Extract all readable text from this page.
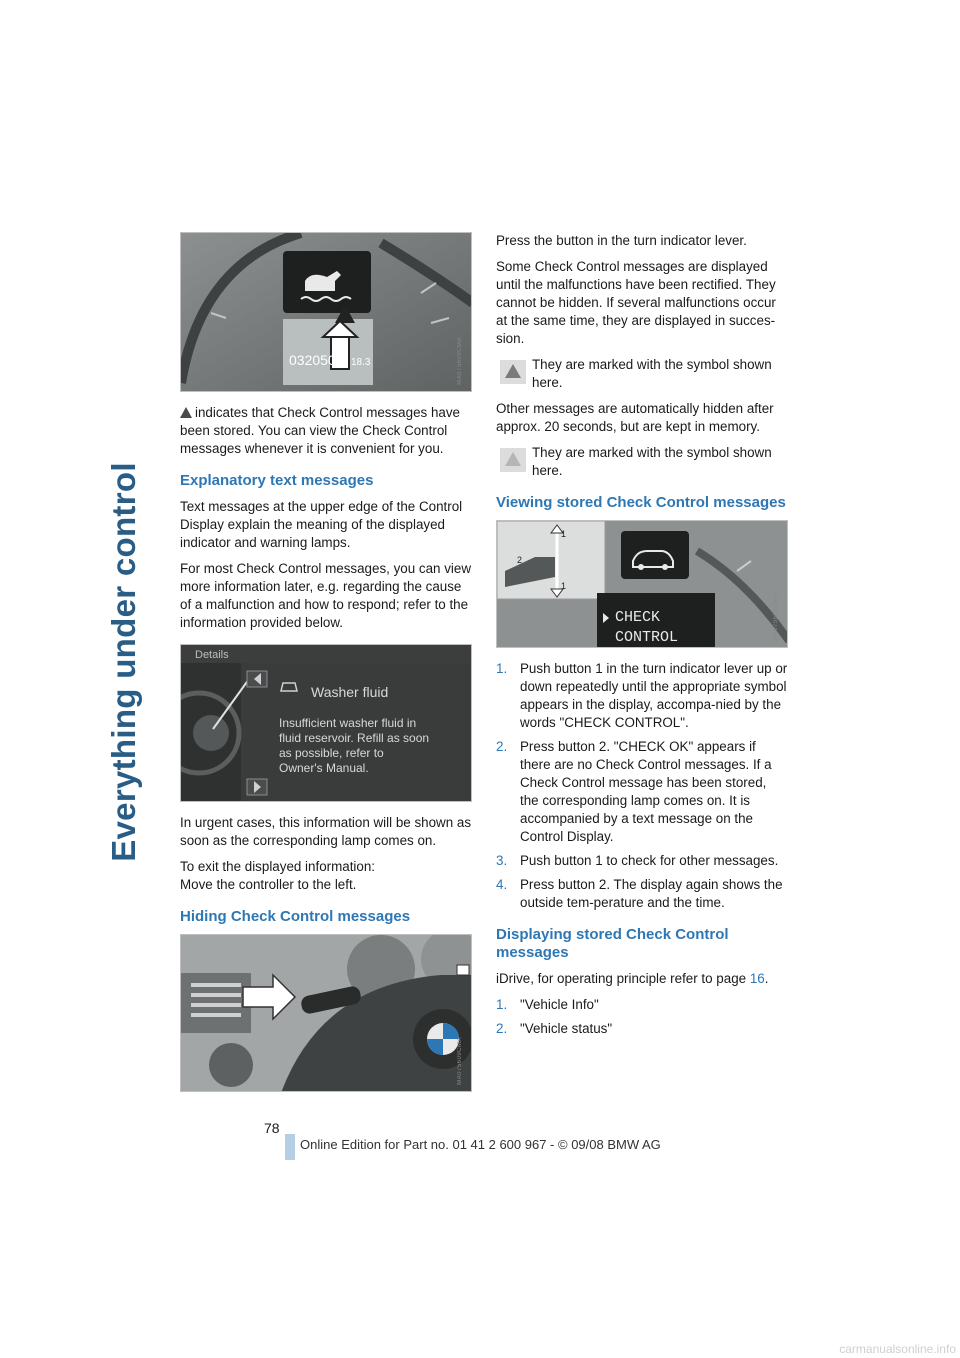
Everything under control
032050 18.3	MA075609CMA

indicates that Check Control messages have been stored. You can view the Check Control messages whenever it is convenient for you.

Explanatory text messages

Text messages at the upper edge of the Control Display explain the meaning of the displayed indicator and warning lamps.

For most Check Control messages, you can view more information later, e.g. regarding the cause of a malfunction and how to respond; refer to the information provided below.

Details
Washer fluid
Insufficient washer fluid in
fluid reservoir. Refill as soon
as possible, refer to
Owner's Manual.

In urgent cases, this information will be shown as soon as the corresponding lamp comes on.

To exit the displayed information:
Move the controller to the left.

Hiding Check Control messages
MA075609CMA

Press the button in the turn indicator lever.

Some Check Control messages are displayed until the malfunctions have been rectified. They cannot be hidden. If several malfunctions occur at the same time, they are displayed in succes-sion.

They are marked with the symbol shown here.

Other messages are automatically hidden after approx. 20 seconds, but are kept in memory.

They are marked with the symbol shown here.
Viewing stored Check Control messages
1
1
2
CHECK
CONTROL	MA075609CMA
1. Push button 1 in the turn indicator lever up or down repeatedly until the appropriate symbol appears in the display, accompa-nied by the words "CHECK CONTROL".
2. Press button 2. "CHECK OK" appears if there are no Check Control messages. If a Check Control message has been stored, the corresponding lamp comes on. It is accompanied by a text message on the Control Display.
3. Push button 1 to check for other messages.
4. Press button 2. The display again shows the outside tem-perature and the time.
Displaying stored Check Control messages

iDrive, for operating principle refer to page 16.

1. "Vehicle Info"
2. "Vehicle status"
78
Online Edition for Part no. 01 41 2 600 967 - © 09/08 BMW AG
carmanualsonline.info
